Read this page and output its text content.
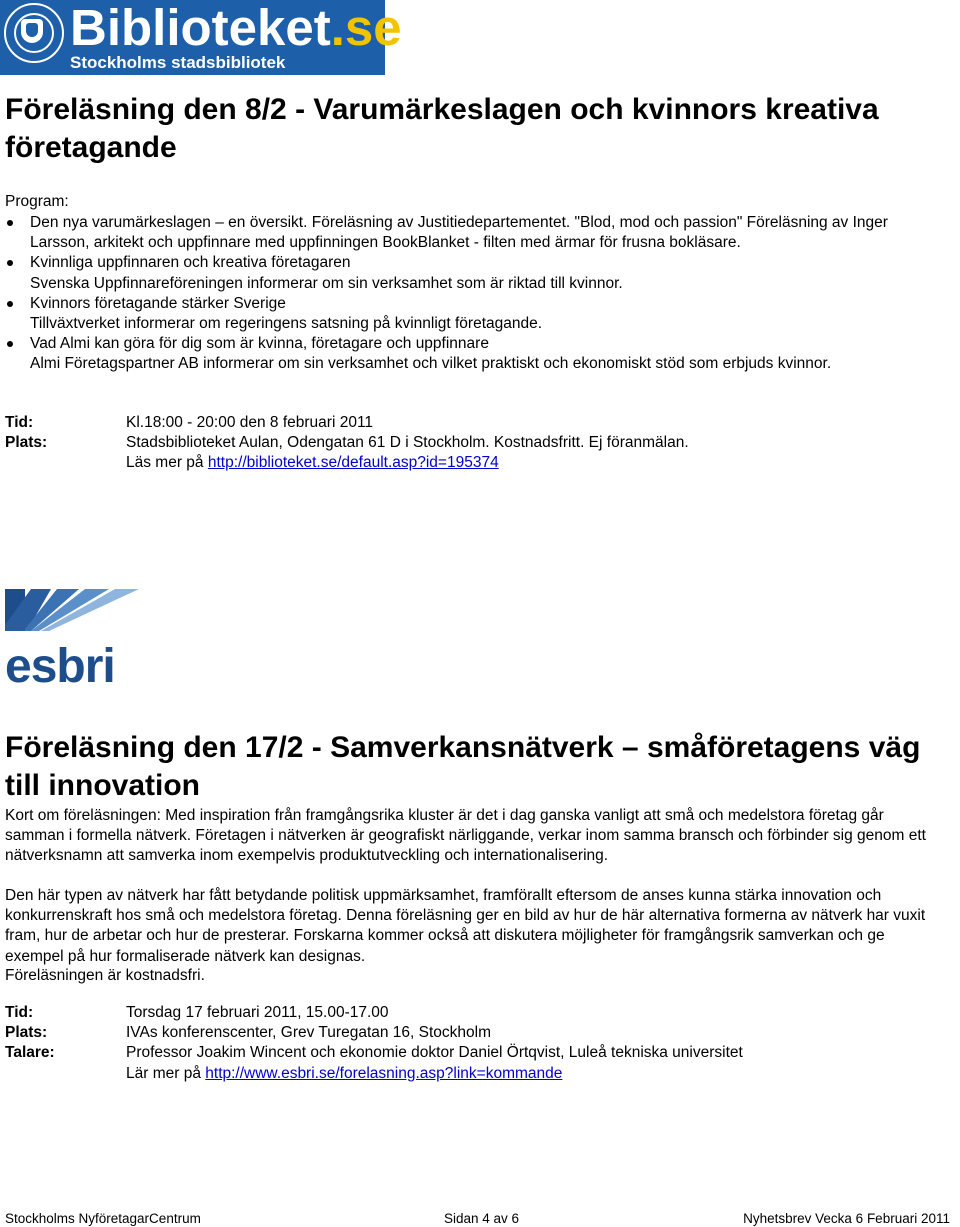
Biblioteket.se
Stockholms stadsbibliotek
Föreläsning den 8/2 - Varumärkeslagen och kvinnors kreativa företagande
Program:
Den nya varumärkeslagen – en översikt. Föreläsning av Justitiedepartementet. "Blod, mod och passion" Föreläsning av Inger Larsson, arkitekt och uppfinnare med uppfinningen BookBlanket - filten med ärmar för frusna bokläsare.
Kvinnliga uppfinnaren och kreativa företagaren
Svenska Uppfinnareföreningen informerar om sin verksamhet som är riktad till kvinnor.
Kvinnors företagande stärker Sverige
Tillväxtverket informerar om regeringens satsning på kvinnligt företagande.
Vad Almi kan göra för dig som är kvinna, företagare och uppfinnare
Almi Företagspartner AB informerar om sin verksamhet och vilket praktiskt och ekonomiskt stöd som erbjuds kvinnor.
Tid:	Kl.18:00 - 20:00 den 8 februari 2011
Plats:	Stadsbiblioteket Aulan, Odengatan 61 D i Stockholm. Kostnadsfritt. Ej föranmälan.
Läs mer på http://biblioteket.se/default.asp?id=195374
esbri
Föreläsning den 17/2 - Samverkansnätverk – småföretagens väg till innovation

Kort om föreläsningen: Med inspiration från framgångsrika kluster är det i dag ganska vanligt att små och medelstora företag går samman i formella nätverk. Företagen i nätverken är geografiskt närliggande, verkar inom samma bransch och förbinder sig genom ett nätverksnamn att samverka inom exempelvis produktutveckling och internationalisering.

Den här typen av nätverk har fått betydande politisk uppmärksamhet, framförallt eftersom de anses kunna stärka innovation och konkurrenskraft hos små och medelstora företag. Denna föreläsning ger en bild av hur de här alternativa formerna av nätverk har vuxit fram, hur de arbetar och hur de presterar. Forskarna kommer också att diskutera möjligheter för framgångsrik samverkan och ge exempel på hur formaliserade nätverk kan designas.

Föreläsningen är kostnadsfri.

Tid:	Torsdag 17 februari 2011, 15.00-17.00
Plats:	IVAs konferenscenter, Grev Turegatan 16, Stockholm
Talare:	Professor Joakim Wincent och ekonomie doktor Daniel Örtqvist, Luleå tekniska universitet
Lär mer på http://www.esbri.se/forelasning.asp?link=kommande
Stockholms NyföretagarCentrum	Sidan 4 av 6	Nyhetsbrev Vecka 6 Februari 2011
